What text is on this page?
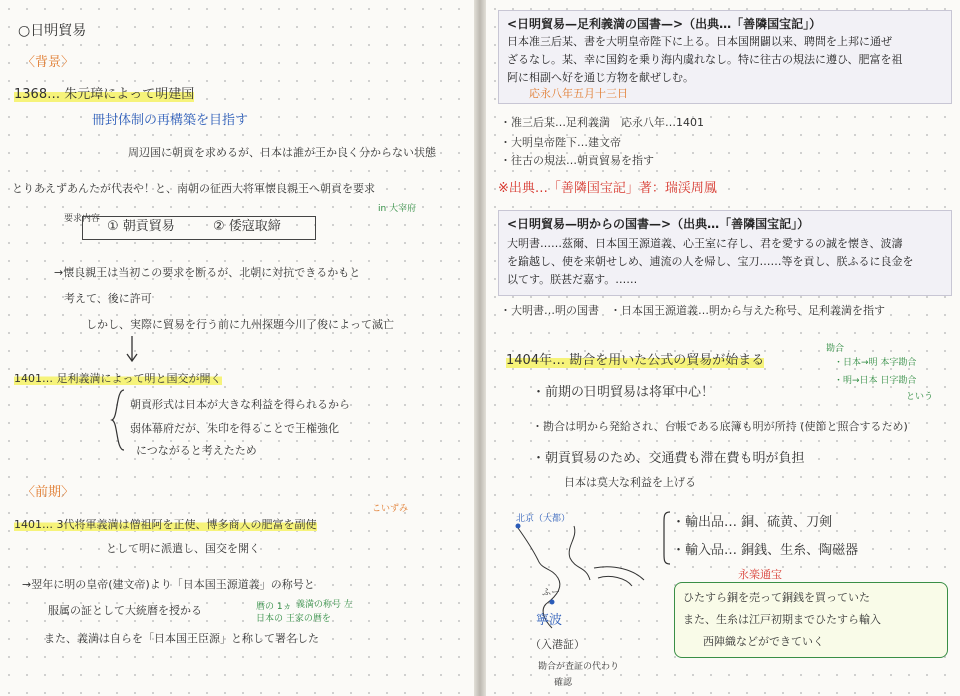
○日明貿易
〈背景〉
1368… 朱元璋によって明建国
冊封体制の再構築を目指す
周辺国に朝貢を求めるが、日本は誰が王か良く分からない状態
とりあえずあんたが代表や！と、南朝の征西大将軍懐良親王へ朝貢を要求
in 大宰府
要求内容 ① 朝貢貿易	② 倭寇取締
→懐良親王は当初この要求を断るが、北朝に対抗できるかもと
考えて、後に許可
しかし、実際に貿易を行う前に九州探題今川了俊によって滅亡
1401… 足利義満によって明と国交が開く
朝貢形式は日本が大きな利益を得られるから
弱体幕府だが、朱印を得ることで王権強化
につながると考えたため
〈前期〉
こいずみ
1401… 3代将軍義満は僧祖阿を正使、博多商人の肥富を副使
として明に派遣し、国交を開く
→翌年に明の皇帝(建文帝)より「日本国王源道義」の称号と
義満の称号 左
服属の証として大統暦を授かる	暦の 1ヵ
日本の 王家の暦を
また、義満は自らを「日本国王臣源」と称して署名した
<日明貿易—足利義満の国書—>（出典…「善隣国宝記」）

日本准三后某、書を大明皇帝陛下に上る。日本国開闢以来、聘問を上邦に通ぜ

ざるなし。某、幸に国鈞を乗り海内虞れなし。特に往古の規法に遵ひ、肥富を祖

阿に相副へ好を通じ方物を献ぜしむ。

応永八年五月十三日

・准三后某…足利義満　応永八年…1401
・大明皇帝陛下…建文帝
・往古の規法…朝貢貿易を指す
※出典…「善隣国宝記」著：瑞渓周鳳
<日明貿易—明からの国書—>（出典…「善隣国宝記」）

大明書……茲爾、日本国王源道義、心王室に存し、君を愛するの誠を懐き、波濤

を踰越し、使を来朝せしめ、逋流の人を帰し、宝刀……等を貢し、朕ふるに良金を

以てす。朕甚だ嘉す。……

・大明書…明の国書　・日本国王源道義…明から与えた称号、足利義満を指す
勘合
・日本→明 本字勘合
・明→日本 日字勘合
という
1404年… 勘合を用いた公式の貿易が始まる
・前期の日明貿易は将軍中心！
・勘合は明から発給され、台帳である底簿も明が所持 (使節と照合するため)
・朝貢貿易のため、交通費も滞在費も明が負担
日本は莫大な利益を上げる
北京（大都）
ふー
寧波
（入港証）
勘合が査証の代わり
確認
・輸出品… 銅、硫黄、刀剣
・輸入品… 銅銭、生糸、陶磁器
永楽通宝
ひたすら銅を売って銅銭を買っていた
また、生糸は江戸初期までひたすら輸入
西陣織などができていく
